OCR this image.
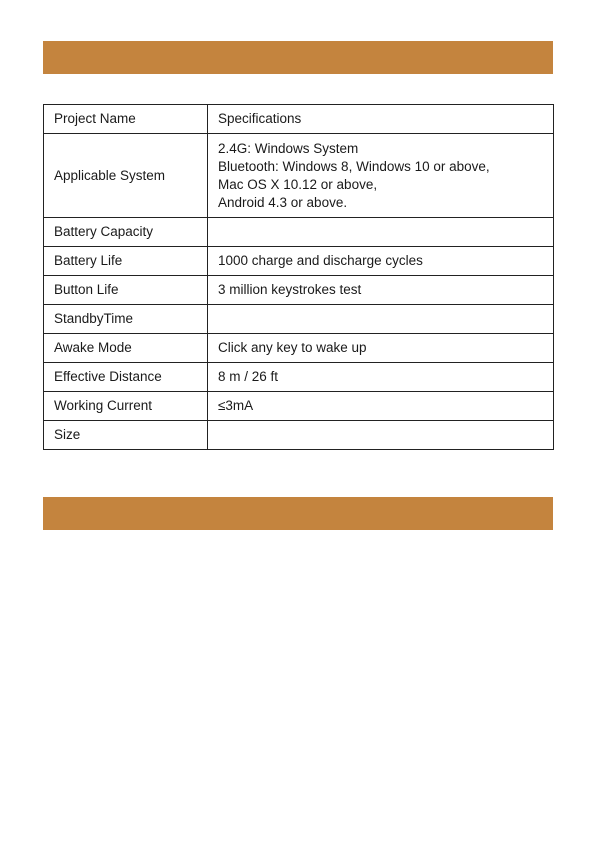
Project Name	Specifications
Applicable System	2.4G: Windows System
Bluetooth: Windows 8, Windows 10 or above,
Mac OS X 10.12 or above,
Android 4.3 or above.

Battery Capacity	
Battery Life	1000 charge and discharge cycles
Button Life	3 million keystrokes test
StandbyTime	
Awake Mode	Click any key to wake up
Effective Distance	8 m / 26 ft
Working Current	≤3mA
Size	
